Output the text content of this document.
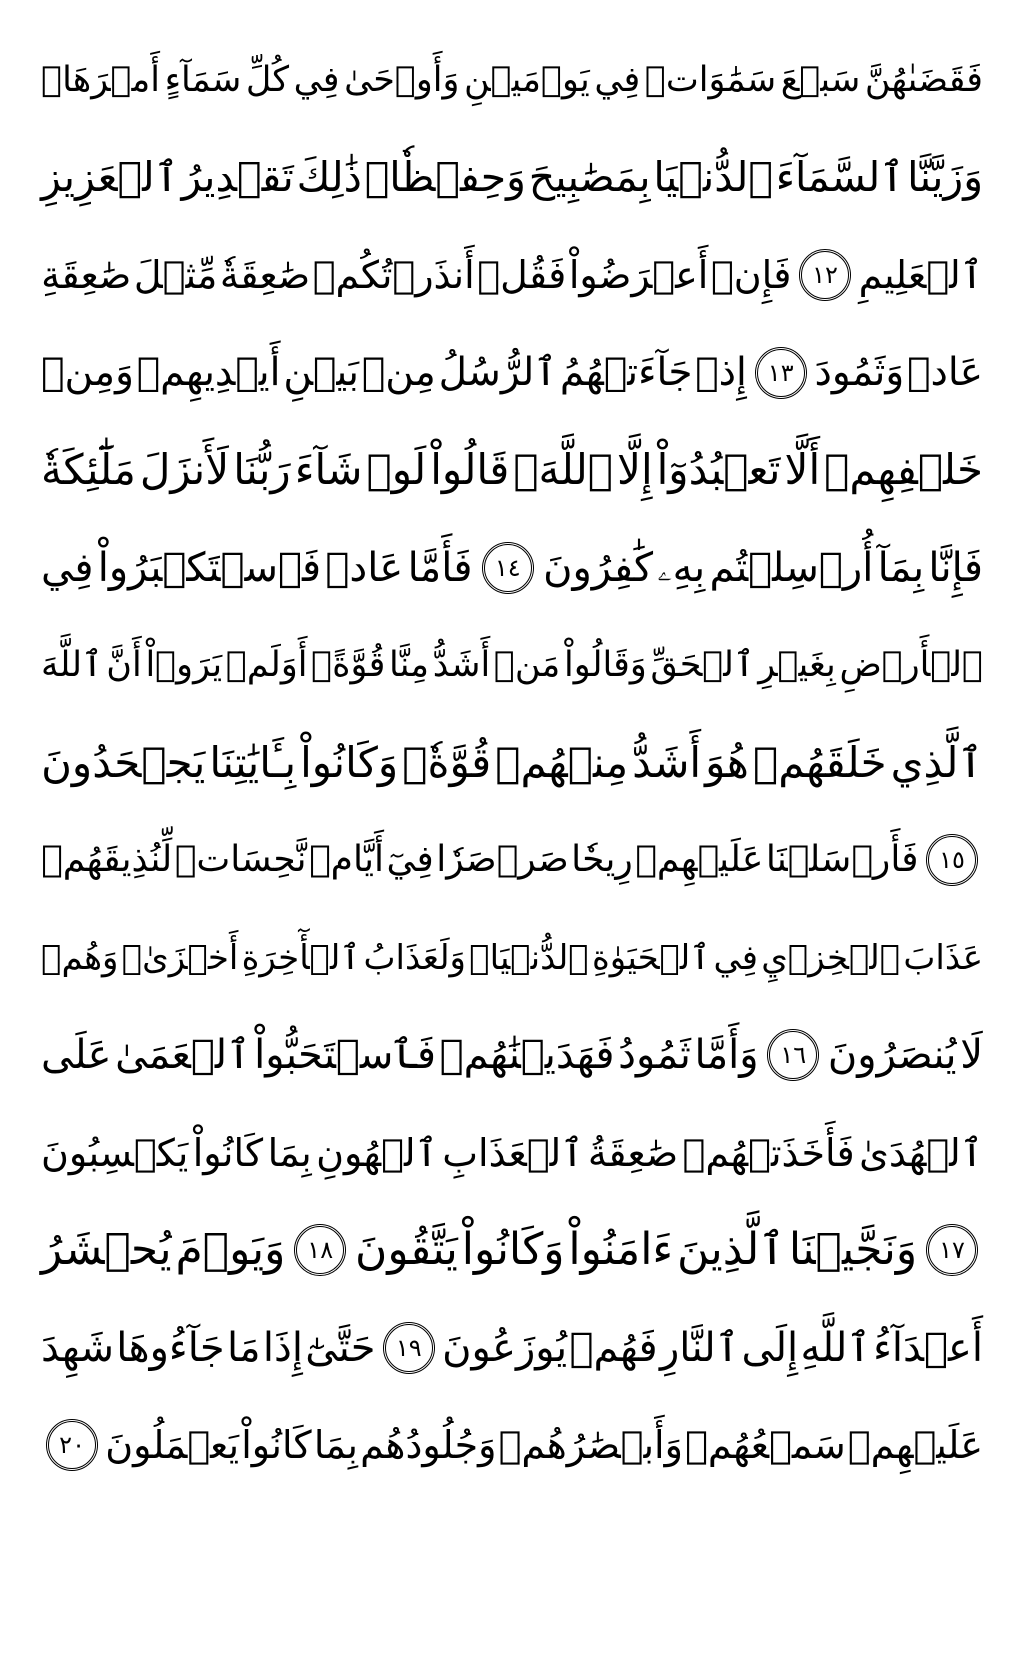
فَقَضَىٰهُنَّ
سَبۡعَ
سَمَٰوَاتٖ
فِي
يَوۡمَيۡنِ
وَأَوۡحَىٰ
فِي
كُلِّ
سَمَآءٍ
أَمۡرَهَاۚ
وَزَيَّنَّا
ٱلسَّمَآءَ
ٱلدُّنۡيَا
بِمَصَٰبِيحَ
وَحِفۡظٗاۚ
ذَٰلِكَ
تَقۡدِيرُ
ٱلۡعَزِيزِ
ٱلۡعَلِيمِ
١٢
فَإِنۡ
أَعۡرَضُواْ
فَقُلۡ
أَنذَرۡتُكُمۡ
صَٰعِقَةٗ
مِّثۡلَ
صَٰعِقَةِ
عَادٖ
وَثَمُودَ
١٣
إِذۡ
جَآءَتۡهُمُ
ٱلرُّسُلُ
مِنۢ
بَيۡنِ
أَيۡدِيهِمۡ
وَمِنۡ
خَلۡفِهِمۡ
أَلَّا
تَعۡبُدُوٓاْ
إِلَّا
ٱللَّهَۖ
قَالُواْ
لَوۡ
شَآءَ
رَبُّنَا
لَأَنزَلَ
مَلَٰٓئِكَةٗ
فَإِنَّا
بِمَآ
أُرۡسِلۡتُم
بِهِۦ
كَٰفِرُونَ
١٤
فَأَمَّا
عَادٞ
فَٱسۡتَكۡبَرُواْ
فِي
ٱلۡأَرۡضِ
بِغَيۡرِ
ٱلۡحَقِّ
وَقَالُواْ
مَنۡ
أَشَدُّ
مِنَّا
قُوَّةًۖ
أَوَلَمۡ
يَرَوۡاْ
أَنَّ
ٱللَّهَ
ٱلَّذِي
خَلَقَهُمۡ
هُوَ
أَشَدُّ
مِنۡهُمۡ
قُوَّةٗۖ
وَكَانُواْ
بِـَٔايَٰتِنَا
يَجۡحَدُونَ
١٥
فَأَرۡسَلۡنَا
عَلَيۡهِمۡ
رِيحٗا
صَرۡصَرٗا
فِيٓ
أَيَّامٖ
نَّحِسَاتٖ
لِّنُذِيقَهُمۡ
عَذَابَ
ٱلۡخِزۡيِ
فِي
ٱلۡحَيَوٰةِ
ٱلدُّنۡيَاۖ
وَلَعَذَابُ
ٱلۡأٓخِرَةِ
أَخۡزَىٰۖ
وَهُمۡ
لَا
يُنصَرُونَ
١٦
وَأَمَّا
ثَمُودُ
فَهَدَيۡنَٰهُمۡ
فَٱسۡتَحَبُّواْ
ٱلۡعَمَىٰ
عَلَى
ٱلۡهُدَىٰ
فَأَخَذَتۡهُمۡ
صَٰعِقَةُ
ٱلۡعَذَابِ
ٱلۡهُونِ
بِمَا
كَانُواْ
يَكۡسِبُونَ
١٧
وَنَجَّيۡنَا
ٱلَّذِينَ
ءَامَنُواْ
وَكَانُواْ
يَتَّقُونَ
١٨
وَيَوۡمَ
يُحۡشَرُ
أَعۡدَآءُ
ٱللَّهِ
إِلَى
ٱلنَّارِ
فَهُمۡ
يُوزَعُونَ
١٩
حَتَّىٰٓ
إِذَا
مَا
جَآءُوهَا
شَهِدَ
عَلَيۡهِمۡ
سَمۡعُهُمۡ
وَأَبۡصَٰرُهُمۡ
وَجُلُودُهُم
بِمَا
كَانُواْ
يَعۡمَلُونَ
٢٠
